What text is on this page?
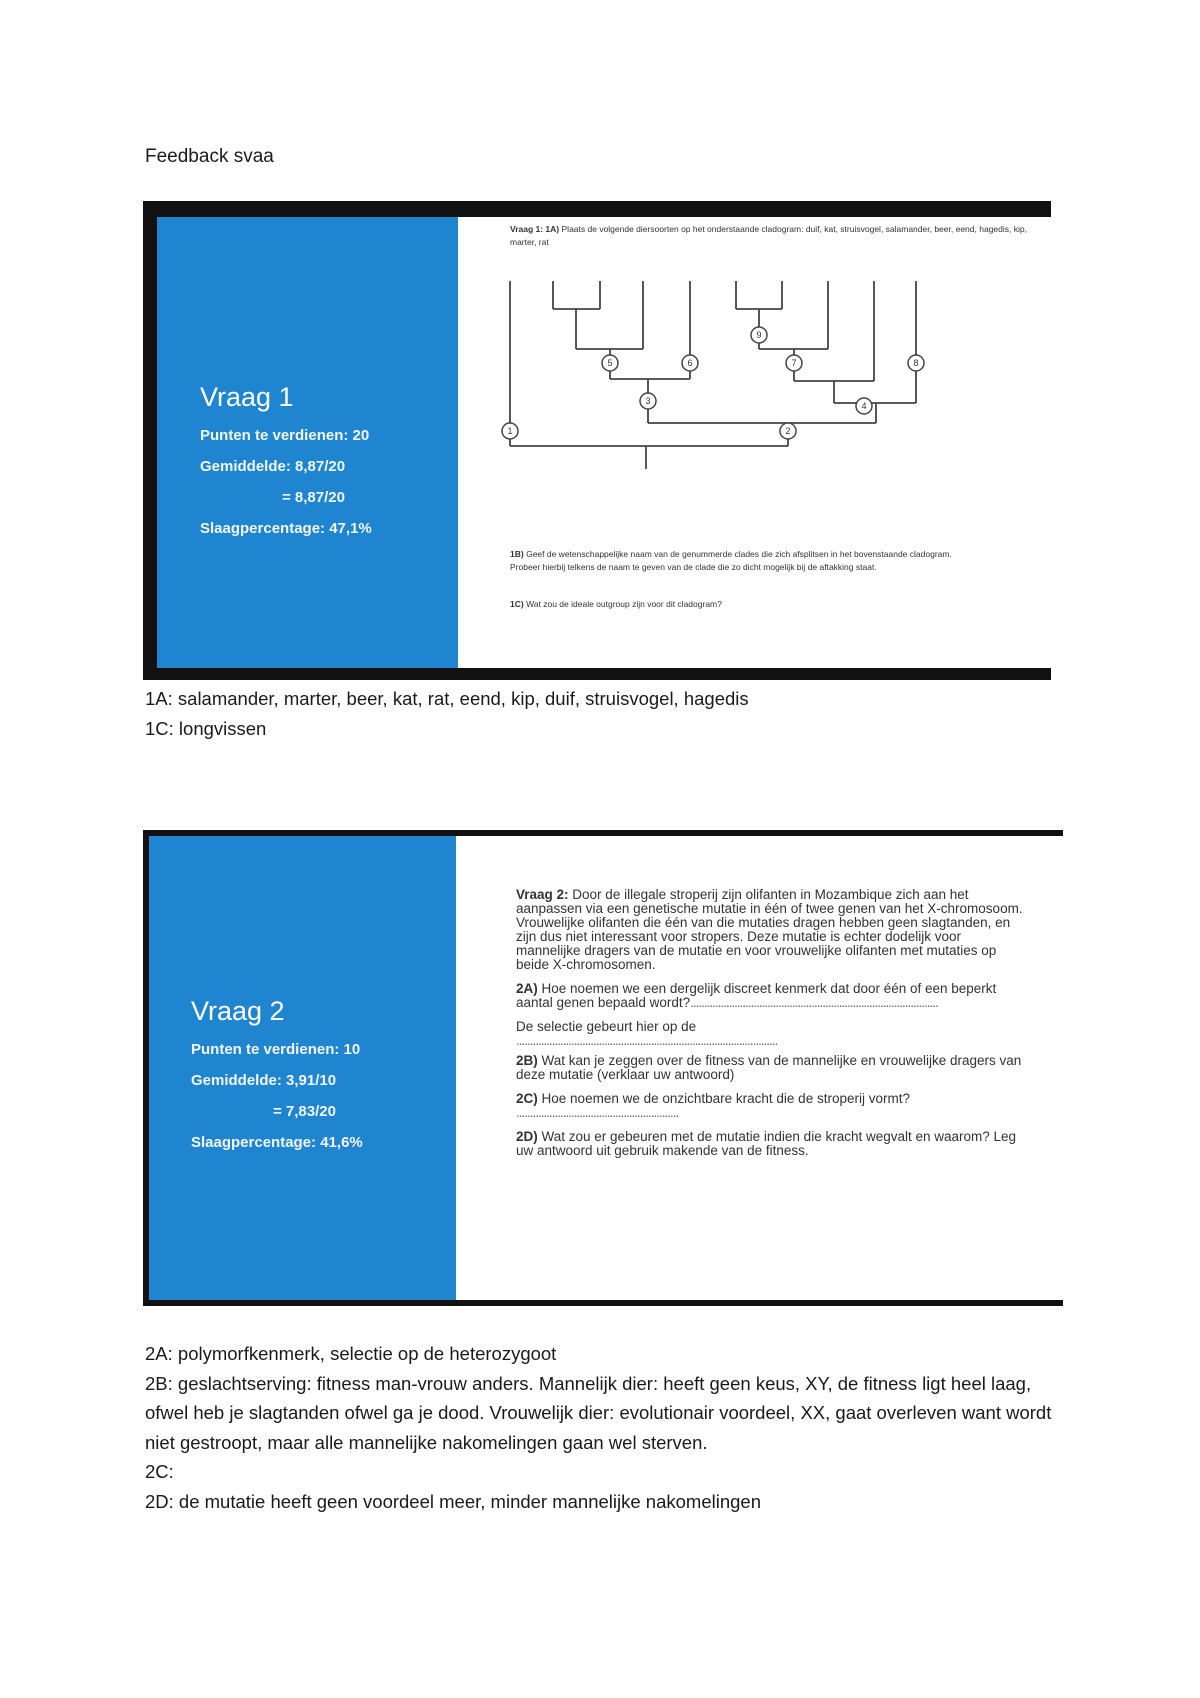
Feedback svaa
Vraag 1
Punten te verdienen: 20
Gemiddelde: 8,87/20
= 8,87/20
Slaagpercentage: 47,1%
Vraag 1: 1A) Plaats de volgende diersoorten op het onderstaande cladogram: duif, kat, struisvogel, salamander, beer, eend, hagedis, kip, marter, rat
1	2
3	4
5	6	7	8
9
1B) Geef de wetenschappelijke naam van de genummerde clades die zich afsplitsen in het bovenstaande cladogram. Probeer hierbij telkens de naam te geven van de clade die zo dicht mogelijk bij de aftakking staat.
1C) Wat zou de ideale outgroup zijn voor dit cladogram?
1A: salamander, marter, beer, kat, rat, eend, kip, duif, struisvogel, hagedis
1C: longvissen
Vraag 2
Punten te verdienen: 10
Gemiddelde: 3,91/10
= 7,83/20
Slaagpercentage: 41,6%
Vraag 2: Door de illegale stroperij zijn olifanten in Mozambique zich aan het aanpassen via een genetische mutatie in één of twee genen van het X-chromosoom. Vrouwelijke olifanten die één van die mutaties dragen hebben geen slagtanden, en zijn dus niet interessant voor stropers. Deze mutatie is echter dodelijk voor mannelijke dragers van de mutatie en voor vrouwelijke olifanten met mutaties op beide X-chromosomen.
2A) Hoe noemen we een dergelijk discreet kenmerk dat door één of een beperkt aantal genen bepaald wordt?..........................................................................................
De selectie gebeurt hier op de
...............................................................................................
2B) Wat kan je zeggen over de fitness van de mannelijke en vrouwelijke dragers van deze mutatie (verklaar uw antwoord)
2C) Hoe noemen we de onzichtbare kracht die de stroperij vormt? ...........................................................
2D) Wat zou er gebeuren met de mutatie indien die kracht wegvalt en waarom? Leg uw antwoord uit gebruik makende van de fitness.
2A: polymorfkenmerk, selectie op de heterozygoot
2B: geslachtserving: fitness man-vrouw anders. Mannelijk dier: heeft geen keus, XY, de fitness ligt heel laag, ofwel heb je slagtanden ofwel ga je dood. Vrouwelijk dier: evolutionair voordeel, XX, gaat overleven want wordt niet gestroopt, maar alle mannelijke nakomelingen gaan wel sterven.
2C:
2D: de mutatie heeft geen voordeel meer, minder mannelijke nakomelingen
